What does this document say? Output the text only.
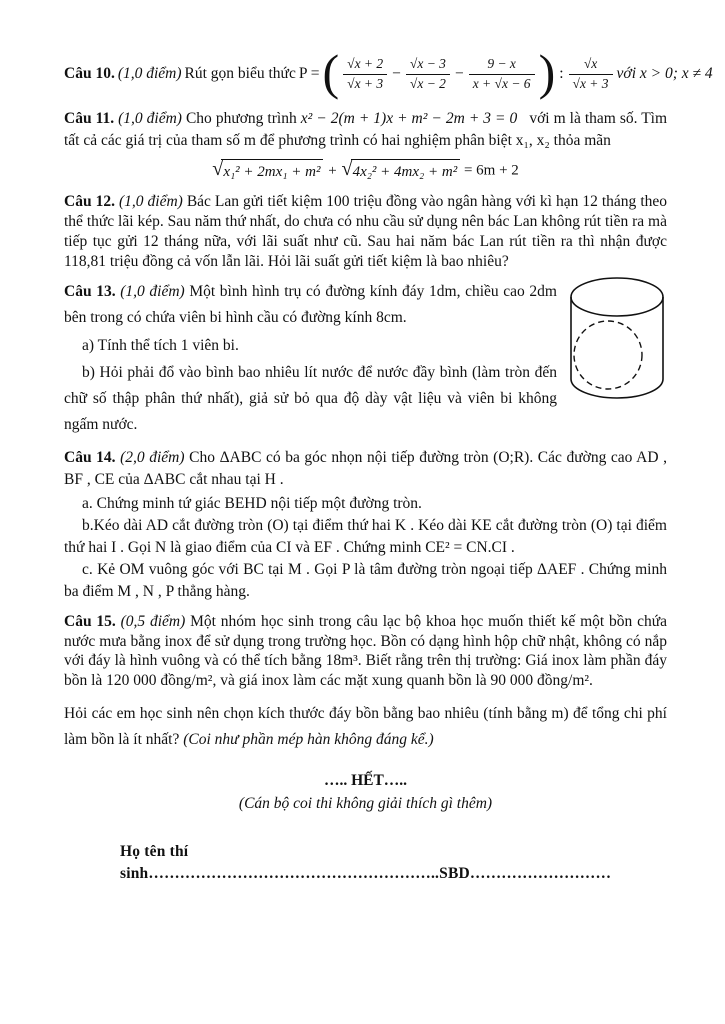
Câu 10. (1,0 điểm) Rút gọn biểu thức P = ( $\frac{√x + 2}{√x + 3} - \frac{√x - 3}{√x - 2} - \frac{9 - x}{x + √x - 6}$ ) : $\frac{√x}{√x + 3}$ với x > 0; x ≠ 4

Câu 11. (1,0 điểm) Cho phương trình x² − 2(m + 1)x + m² − 2m + 3 = 0 với m là tham số. Tìm tất cả các giá trị của tham số m để phương trình có hai nghiệm phân biệt x₁, x₂ thỏa mãn

√ x₁² + 2mx₁ + m² + √ 4x₂² + 4mx₂ + m² = 6m + 2

Câu 12. (1,0 điểm) Bác Lan gửi tiết kiệm 100 triệu đồng vào ngân hàng với kì hạn 12 tháng theo thể thức lãi kép. Sau năm thứ nhất, do chưa có nhu cầu sử dụng nên bác Lan không rút tiền ra mà tiếp tục gửi 12 tháng nữa, với lãi suất như cũ. Sau hai năm bác Lan rút tiền ra thì nhận được 118,81 triệu đồng cả vốn lẫn lãi. Hỏi lãi suất gửi tiết kiệm là bao nhiêu?

Câu 13. (1,0 điểm) Một bình hình trụ có đường kính đáy 1dm, chiều cao 2dm bên trong có chứa viên bi hình cầu có đường kính 8cm.

a) Tính thể tích 1 viên bi.

b) Hỏi phải đổ vào bình bao nhiêu lít nước để nước đầy bình (làm tròn đến chữ số thập phân thứ nhất), giả sử bỏ qua độ dày vật liệu và viên bi không ngấm nước.

Câu 14. (2,0 điểm) Cho ΔABC có ba góc nhọn nội tiếp đường tròn (O;R). Các đường cao AD , BF , CE của ΔABC cắt nhau tại H .

a. Chứng minh tứ giác BEHD nội tiếp một đường tròn.

b.Kéo dài AD cắt đường tròn (O) tại điểm thứ hai K . Kéo dài KE cắt đường tròn (O) tại điểm thứ hai I . Gọi N là giao điểm của CI và EF . Chứng minh CE² = CN.CI .

c. Kẻ OM vuông góc với BC tại M . Gọi P là tâm đường tròn ngoại tiếp ΔAEF . Chứng minh ba điểm M , N , P thẳng hàng.

Câu 15. (0,5 điểm) Một nhóm học sinh trong câu lạc bộ khoa học muốn thiết kế một bồn chứa nước mưa bằng inox để sử dụng trong trường học. Bồn có dạng hình hộp chữ nhật, không có nắp với đáy là hình vuông và có thể tích bằng 18m³. Biết rằng trên thị trường: Giá inox làm phần đáy bồn là 120 000 đồng/m², và giá inox làm các mặt xung quanh bồn là 90 000 đồng/m².

Hỏi các em học sinh nên chọn kích thước đáy bồn bằng bao nhiêu (tính bằng m) để tổng chi phí làm bồn là ít nhất? (Coi như phần mép hàn không đáng kể.)

….. HẾT…..
(Cán bộ coi thi không giải thích gì thêm)
Họ tên thí sinh………………………………………………..SBD………………………
